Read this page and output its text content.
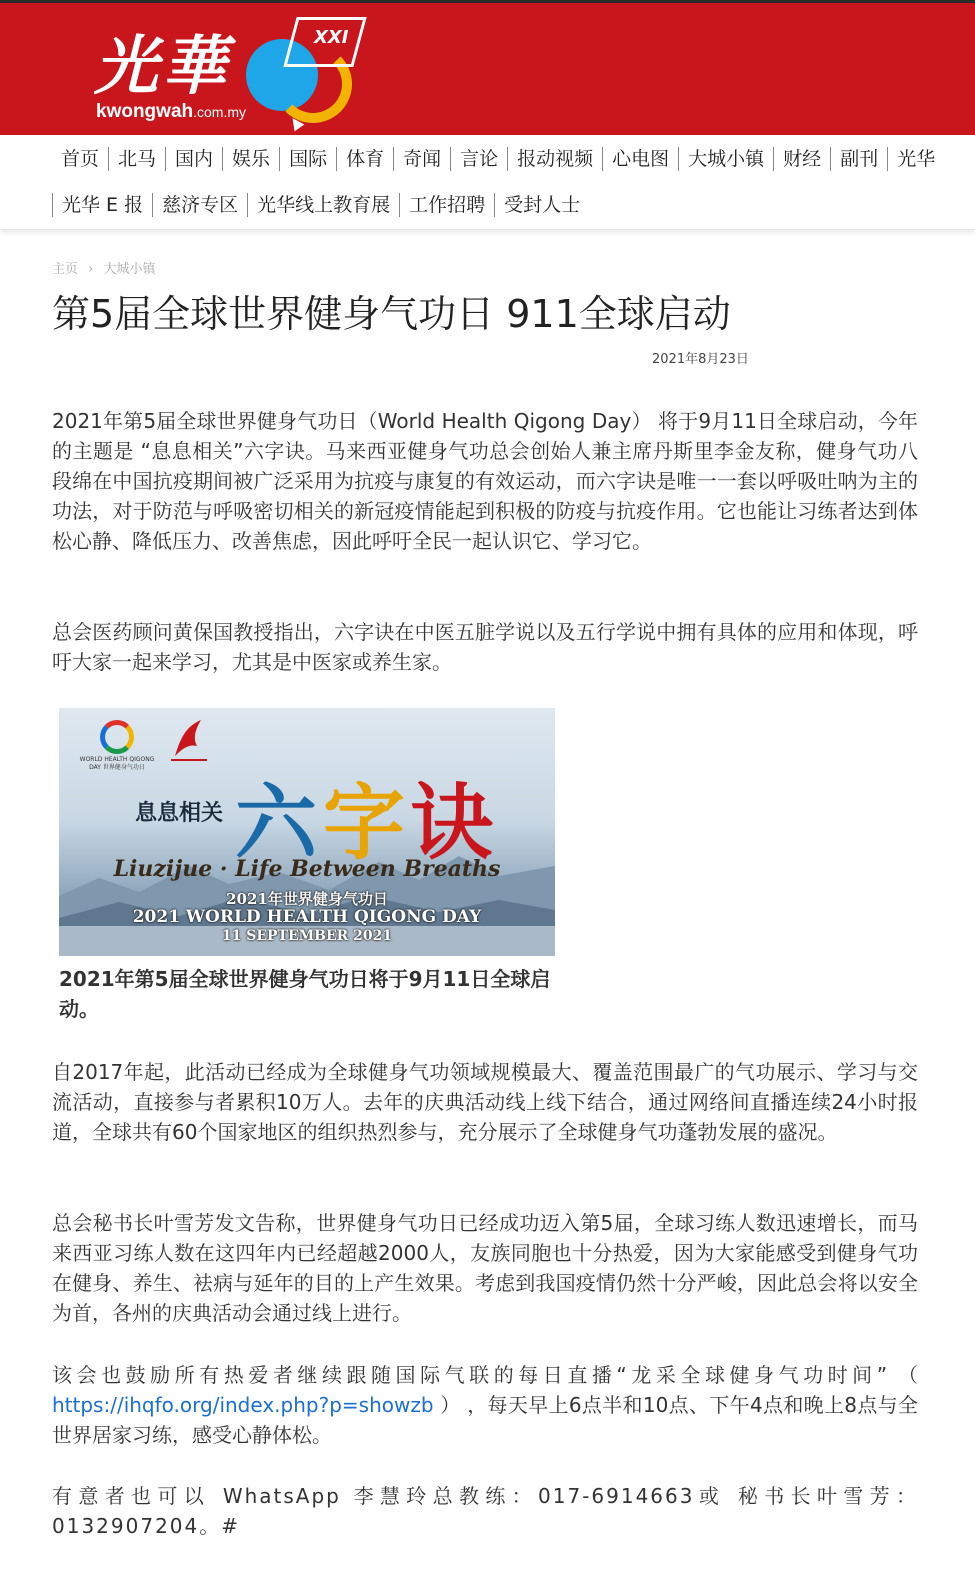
XXI
光華
kwongwah.com.my
首页	北马	国内	娱乐	国际	体育	奇闻	言论	报动视频	心电图	大城小镇	财经	副刊	光华
光华 E 报	慈济专区	光华线上教育展	工作招聘	受封人士
主页 › 大城小镇
第5届全球世界健身气功日 911全球启动
2021年8月23日

2021年第5届全球世界健身气功日（World Health Qigong Day） 将于9月11日全球启动，今年的主题是 “息息相关”六字诀。马来西亚健身气功总会创始人兼主席丹斯里李金友称，健身气功八段绵在中国抗疫期间被广泛采用为抗疫与康复的有效运动，而六字诀是唯一一套以呼吸吐呐为主的功法，对于防范与呼吸密切相关的新冠疫情能起到积极的防疫与抗疫作用。它也能让习练者达到体松心静、降低压力、改善焦虑，因此呼吁全民一起认识它、学习它。

总会医药顾问黄保国教授指出，六字诀在中医五脏学说以及五行学说中拥有具体的应用和体现，呼吁大家一起来学习，尤其是中医家或养生家。

WORLD HEALTH QIGONG DAY 世界健身气功日
息息相关 六字诀
Liuzijue · Life Between Breaths
2021年世界健身气功日
2021 WORLD HEALTH QIGONG DAY
11 SEPTEMBER 2021
2021年第5届全球世界健身气功日将于9月11日全球启动。

自2017年起，此活动已经成为全球健身气功领域规模最大、覆盖范围最广的气功展示、学习与交流活动，直接参与者累积10万人。去年的庆典活动线上线下结合，通过网络间直播连续24小时报道，全球共有60个国家地区的组织热烈参与，充分展示了全球健身气功蓬勃发展的盛况。

总会秘书长叶雪芳发文告称，世界健身气功日已经成功迈入第5届，全球习练人数迅速增长，而马来西亚习练人数在这四年内已经超越2000人，友族同胞也十分热爱，因为大家能感受到健身气功在健身、养生、袪病与延年的目的上产生效果。考虑到我国疫情仍然十分严峻，因此总会将以安全为首，各州的庆典活动会通过线上进行。

该会也鼓励所有热爱者继续跟随国际气联的每日直播“龙采全球健身气功时间” （ https://ihqfo.org/index.php?p=showzb ） ，每天早上6点半和10点、下午4点和晚上8点与全世界居家习练，感受心静体松。

有意者也可以 WhatsApp 李慧玲总教练：017-6914663或 秘书长叶雪芳：0132907204。#
